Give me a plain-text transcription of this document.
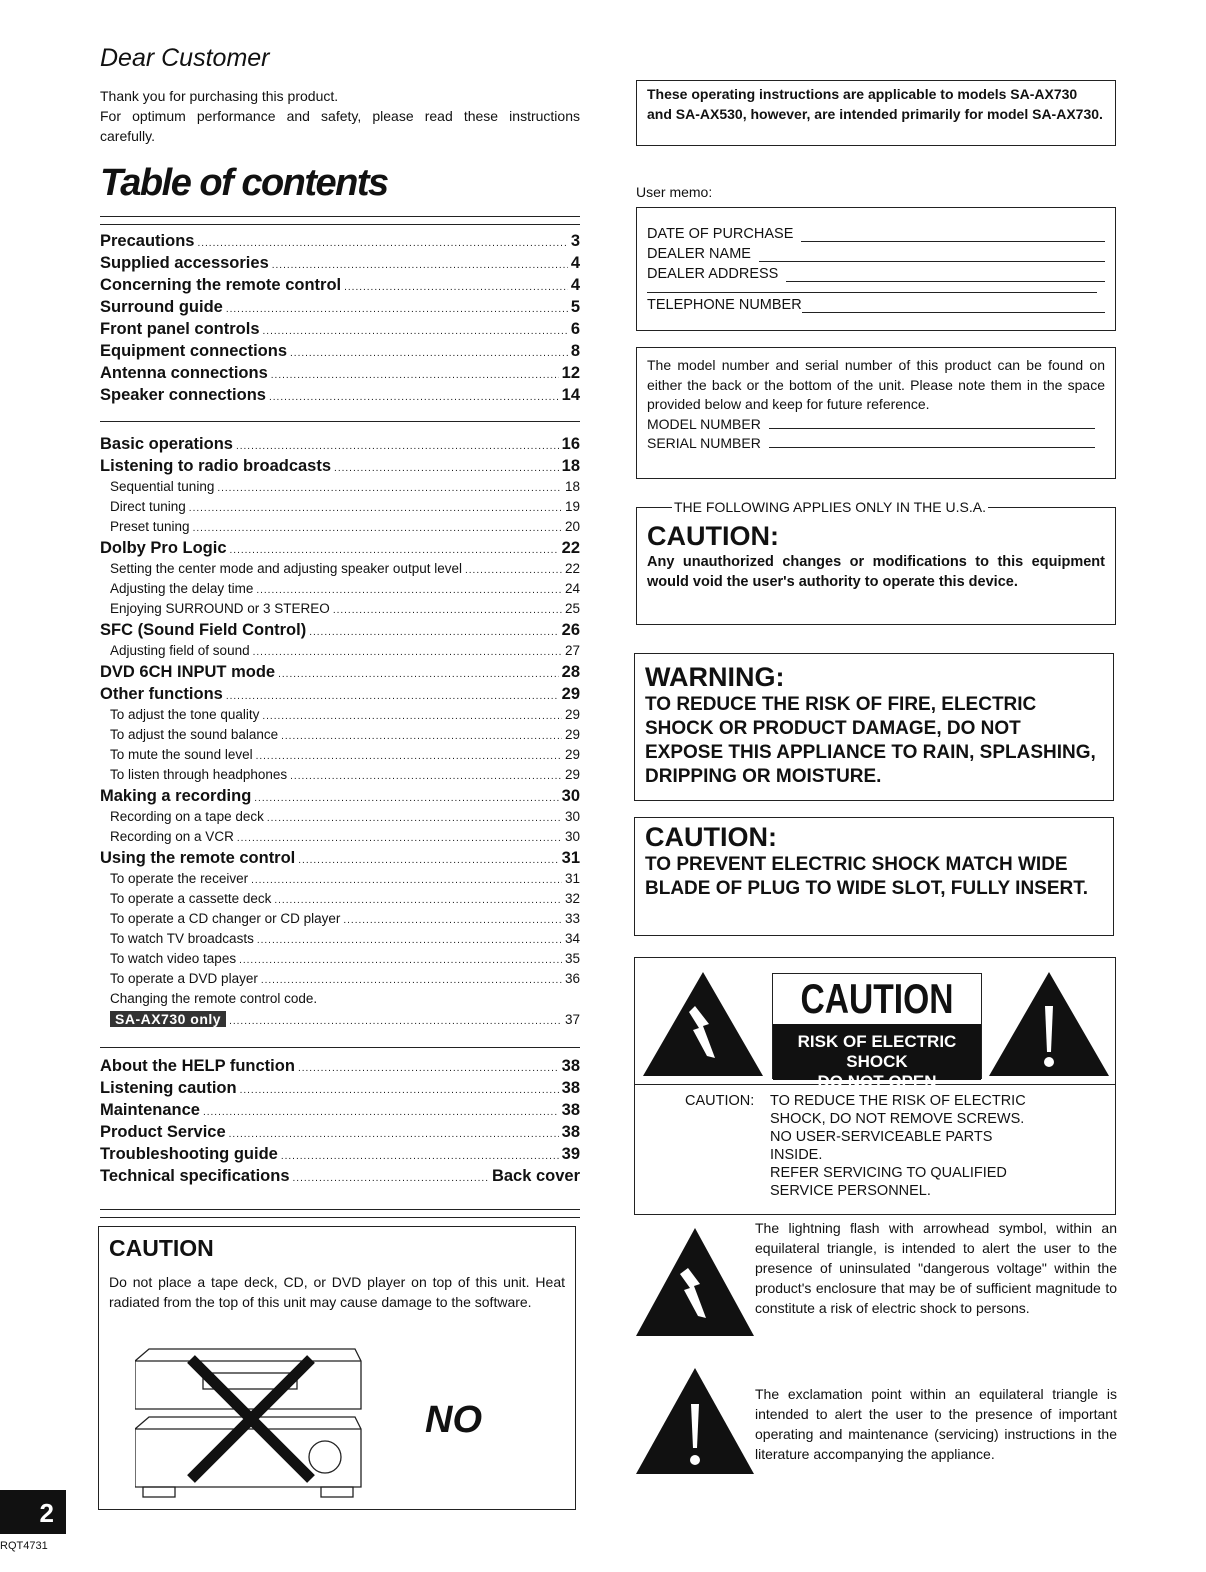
Dear Customer
Thank you for purchasing this product.
For optimum performance and safety, please read these instructions carefully.
Table of contents
Precautions .....	3
Supplied accessories .....	4
Concerning the remote control .....	4
Surround guide .....	5
Front panel controls .....	6
Equipment connections .....	8
Antenna connections .....	12
Speaker connections .....	14
Basic operations .....	16
Listening to radio broadcasts .....	18
Sequential tuning .....	18
Direct tuning .....	19
Preset tuning .....	20
Dolby Pro Logic .....	22
Setting the center mode and adjusting speaker output level .....	22
Adjusting the delay time .....	24
Enjoying SURROUND or 3 STEREO .....	25
SFC (Sound Field Control) .....	26
Adjusting field of sound .....	27
DVD 6CH INPUT mode .....	28
Other functions .....	29
To adjust the tone quality .....	29
To adjust the sound balance .....	29
To mute the sound level .....	29
To listen through headphones .....	29
Making a recording .....	30
Recording on a tape deck .....	30
Recording on a VCR .....	30
Using the remote control .....	31
To operate the receiver .....	31
To operate a cassette deck .....	32
To operate a CD changer or CD player .....	33
To watch TV broadcasts .....	34
To watch video tapes .....	35
To operate a DVD player .....	36
Changing the remote control code.
SA-AX730 only .....	37
About the HELP function .....	38
Listening caution .....	38
Maintenance .....	38
Product Service .....	38
Troubleshooting guide .....	39
Technical specifications .....	Back cover
These operating instructions are applicable to models SA-AX730 and SA-AX530, however, are intended primarily for model SA-AX730.
User memo:
DATE OF PURCHASE
DEALER NAME
DEALER ADDRESS
TELEPHONE NUMBER
The model number and serial number of this product can be found on either the back or the bottom of the unit. Please note them in the space provided below and keep for future reference.
MODEL NUMBER
SERIAL NUMBER
THE FOLLOWING APPLIES ONLY IN THE U.S.A.
CAUTION:
Any unauthorized changes or modifications to this equipment would void the user's authority to operate this device.
WARNING:
TO REDUCE THE RISK OF FIRE, ELECTRIC SHOCK OR PRODUCT DAMAGE, DO NOT EXPOSE THIS APPLIANCE TO RAIN, SPLASHING, DRIPPING OR MOISTURE.
CAUTION:
TO PREVENT ELECTRIC SHOCK MATCH WIDE BLADE OF PLUG TO WIDE SLOT, FULLY INSERT.
CAUTION
RISK OF ELECTRIC SHOCK
DO NOT OPEN
CAUTION:	TO REDUCE THE RISK OF ELECTRIC
SHOCK, DO NOT REMOVE SCREWS.
NO USER-SERVICEABLE PARTS
INSIDE.
REFER SERVICING TO QUALIFIED
SERVICE PERSONNEL.
The lightning flash with arrowhead symbol, within an equilateral triangle, is intended to alert the user to the presence of uninsulated "dangerous voltage" within the product's enclosure that may be of sufficient magnitude to constitute a risk of electric shock to persons.
The exclamation point within an equilateral triangle is intended to alert the user to the presence of important operating and maintenance (servicing) instructions in the literature accompanying the appliance.
CAUTION
Do not place a tape deck, CD, or DVD player on top of this unit. Heat radiated from the top of this unit may cause damage to the software.
NO
2
RQT4731
